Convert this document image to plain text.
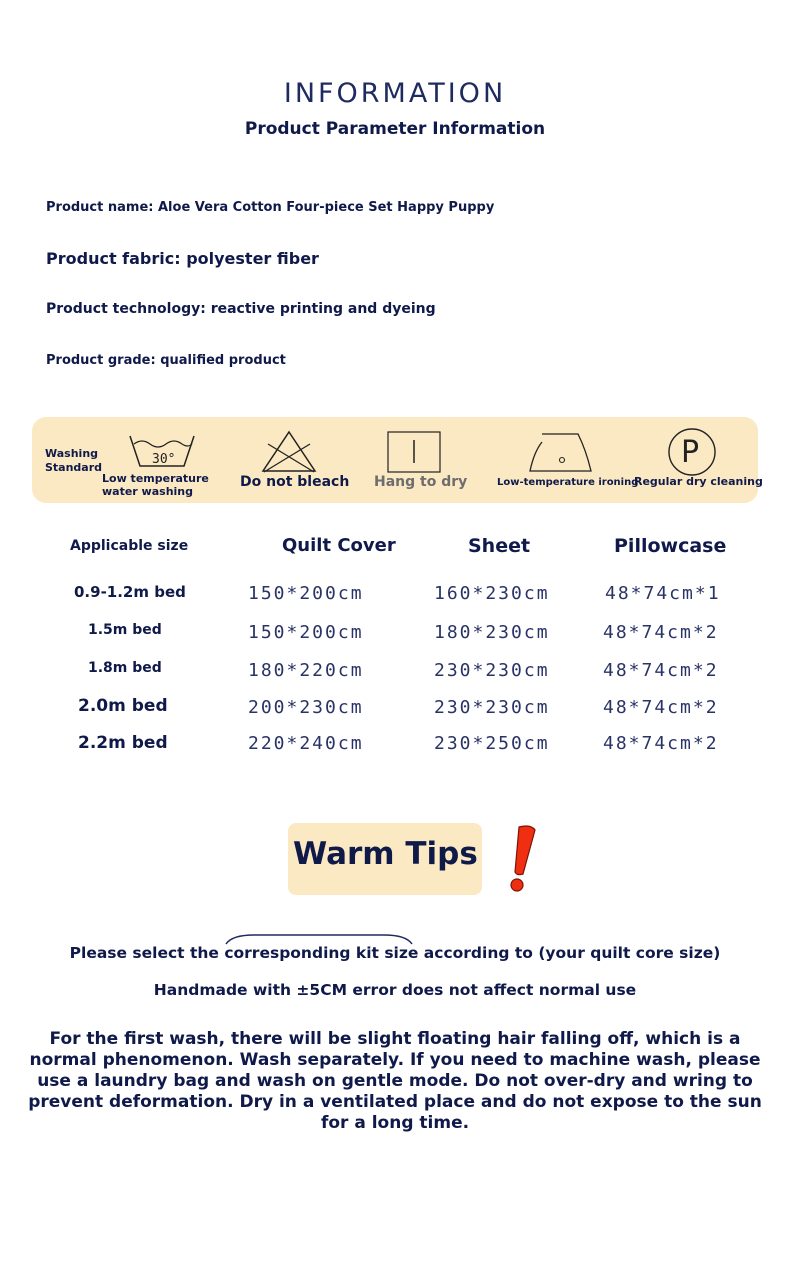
INFORMATION
Product Parameter Information
Product name: Aloe Vera Cotton Four-piece Set Happy Puppy
Product fabric: polyester fiber
Product technology: reactive printing and dyeing
Product grade: qualified product
Washing
Standard
30°
Low temperature
water washing
Do not bleach Hang to dry	Low-temperature ironing
P
Regular dry cleaning
Applicable size	Quilt Cover	Sheet	Pillowcase
0.9-1.2m bed	150*200cm	160*230cm	48*74cm*1
1.5m bed	150*200cm	180*230cm	48*74cm*2
1.8m bed	180*220cm	230*230cm	48*74cm*2
2.0m bed	200*230cm	230*230cm	48*74cm*2
2.2m bed	220*240cm	230*250cm	48*74cm*2
Warm Tips
Please select the corresponding kit size according to (your quilt core size)
Handmade with ±5CM error does not affect normal use
For the first wash, there will be slight floating hair falling off, which is a normal phenomenon. Wash separately. If you need to machine wash, please use a laundry bag and wash on gentle mode. Do not over-dry and wring to prevent deformation. Dry in a ventilated place and do not expose to the sun for a long time.
